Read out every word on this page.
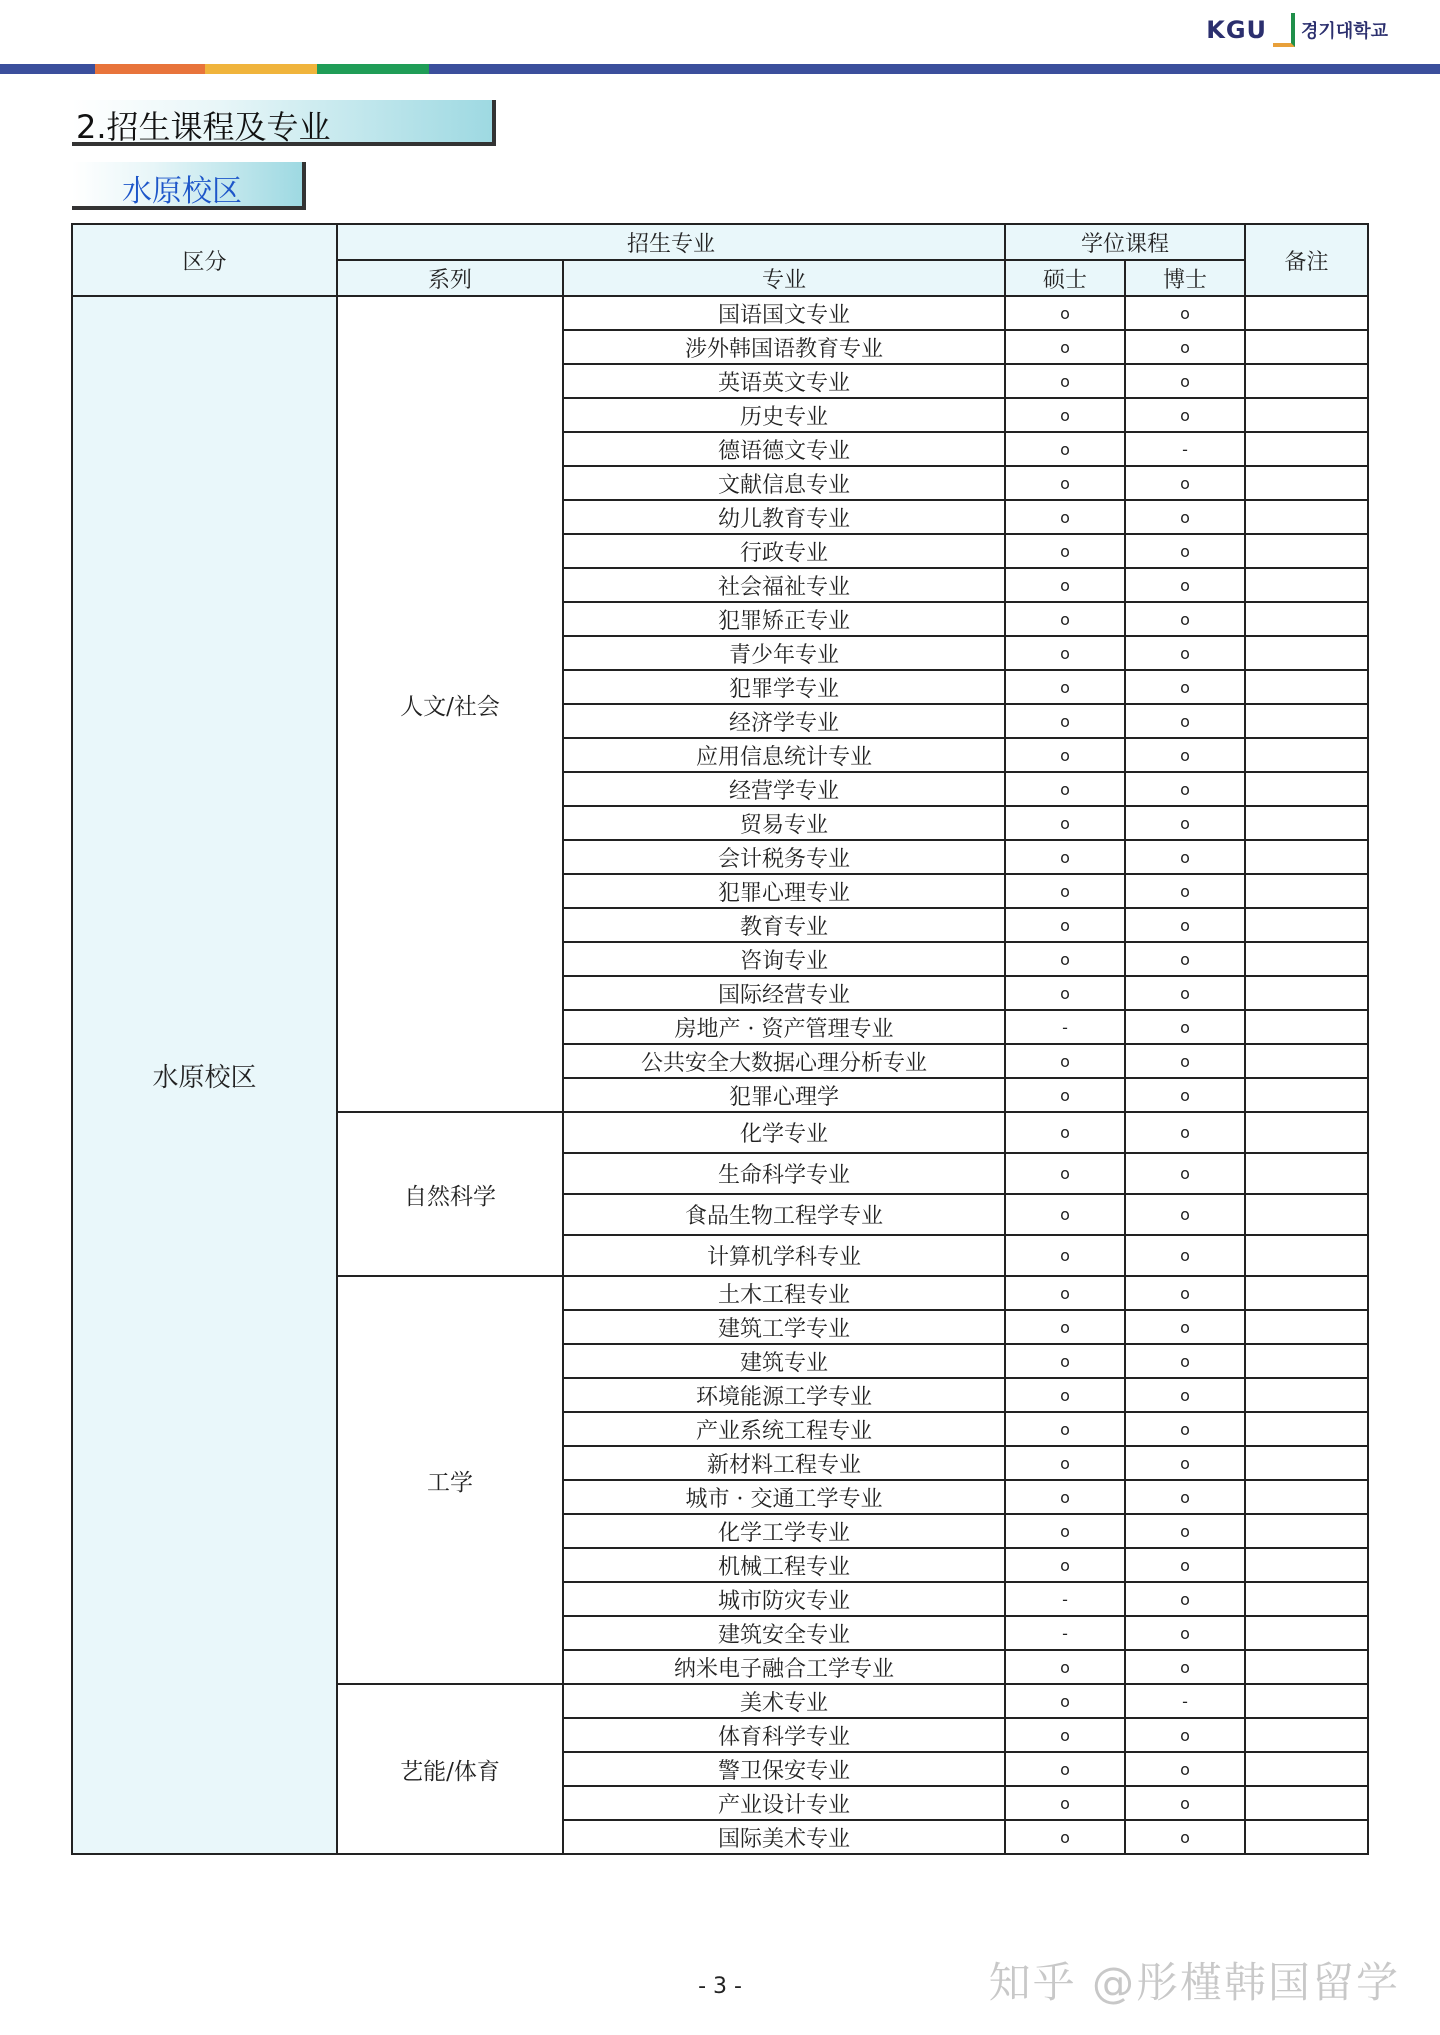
KGU 경기대학교
2.招生课程及专业
水原校区
区分	招生专业		学位课程		备注
	系列	专业	硕士	博士	
水原校区	人文/社会	国语国文专业	o	o	
		涉外韩国语教育专业	o	o	
		英语英文专业	o	o	
		历史专业	o	o	
		德语德文专业	o	-	
		文献信息专业	o	o	
		幼儿教育专业	o	o	
		行政专业	o	o	
		社会福祉专业	o	o	
		犯罪矫正专业	o	o	
		青少年专业	o	o	
		犯罪学专业	o	o	
		经济学专业	o	o	
		应用信息统计专业	o	o	
		经营学专业	o	o	
		贸易专业	o	o	
		会计税务专业	o	o	
		犯罪心理专业	o	o	
		教育专业	o	o	
		咨询专业	o	o	
		国际经营专业	o	o	
		房地产 · 资产管理专业	-	o	
		公共安全大数据心理分析专业	o	o	
		犯罪心理学	o	o	
	自然科学	化学专业	o	o	
		生命科学专业	o	o	
		食品生物工程学专业	o	o	
		计算机学科专业	o	o	
	工学	土木工程专业	o	o	
		建筑工学专业	o	o	
		建筑专业	o	o	
		环境能源工学专业	o	o	
		产业系统工程专业	o	o	
		新材料工程专业	o	o	
		城市 · 交通工学专业	o	o	
		化学工学专业	o	o	
		机械工程专业	o	o	
		城市防灾专业	-	o	
		建筑安全专业	-	o	
		纳米电子融合工学专业	o	o	
	艺能/体育	美术专业	o	-	
		体育科学专业	o	o	
		警卫保安专业	o	o	
		产业设计专业	o	o	
		国际美术专业	o	o	
- 3 -	知乎 @彤槿韩国留学
